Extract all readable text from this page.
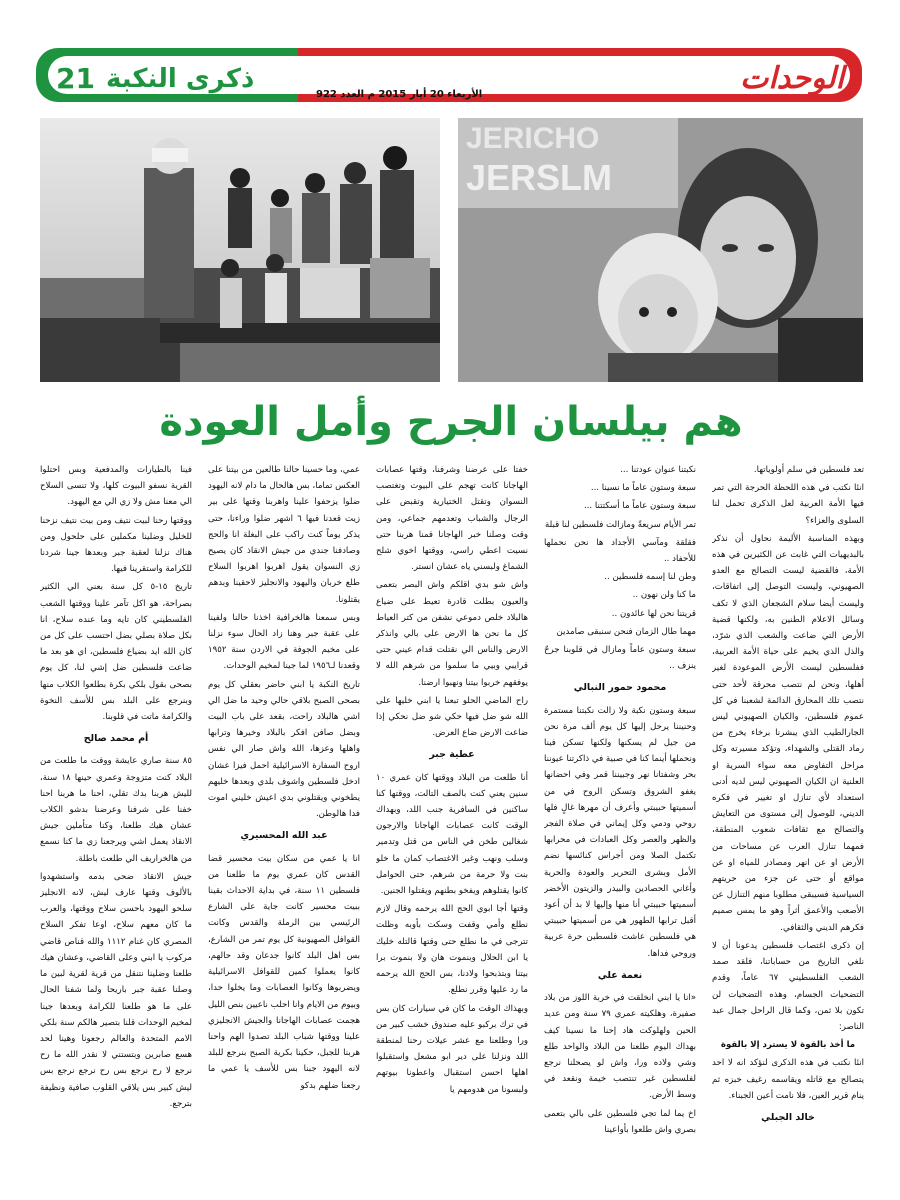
21 ذكرى النكبة
الأربعاء 20 أيار 2015 م العدد 922	الوحدات
JERICHO
JERSLM
هم بيلسان الجرح وأمل العودة

تعد فلسطين في سلم أولوياتها.

انئا نكتب في هذه اللحظة الحرجة التي تمر فيها الأمة العربية لعل الذكرى تحمل لنا السلوى والعزاء؟

وبهذه المناسبة الأليمة نحاول أن نذكر بالبديهيات التي غابت عن الكثيرين في هذه الأمة، فالقضية ليست التصالح مع العدو الصهيوني، وليست التوصل إلى اتفاقات، وليست أيضا سلام الشجعان الذي لا تكف وسائل الاعلام الطنين به، ولكنها قضية الأرض التي ضاعت والشعب الذي شرّد، والذل الذي يخيم على حياة الأمة العربية، ففلسطين ليست الأرض الموعودة لغير أهلها، ونحن لم نتصب محرقة لأحد حتى نتصب تلك المحارق الدائمة لشعبنا في كل عموم فلسطين، والكيان الصهيوني ليس الجارالطيب الذي يبشرنا برخاء يخرج من رماد القتلى والشهداء، وتؤكد مسيرته وكل مراحل التفاوض معه سواء السرية او العلنية ان الكيان الصهيوني ليس لديه أدنى استعداد لأي تنازل او تغيير في فكره الديني، للوصول إلى مستوى من التعايش والتصالح مع ثقافات شعوب المنطقة، فمهما تنازل العرب عن مساحات من الأرض او عن انهر ومصادر للمياه او عن مواقع أو حتى عن جزء من حريتهم السياسية فسيبقى مطلوبا منهم التنازل عن الأصعب والأعمق أثراً وهو ما يمس صميم فكرهم الديني والثقافي.

إن ذكرى اغتصاب فلسطين يدعونا أن لا نلغي التاريخ من حساباتنا، فلقد صمد الشعب الفلسطيني ٦٧ عاماً، وقدم التضحيات الجسام، وهذه التضحيات لن تكون بلا ثمن، وكما قال الراحل جمال عبد الناصر:

ما أخذ بالقوة لا يسترد إلا بالقوة

انئا نكتب في هذه الذكرى لنؤكد انه لا احد يتصالح مع قاتله ويقاسمه رغيف خبزه ثم ينام قرير العين، فلا نامت أعين الجبناء.

خالد الجبلي

نكبتنا عنوان عودتنا ...

سبعة وستون عاماً ما نسينا ...

سبعة وستون عاماً ما أسكتتنا ...

تمر الأيام سريعةً ومازالت فلسطين لنا قبلة

فقلقة ومآسي الأجداد ها نحن نحملها للأحفاد ..

وطن لنا إسمه فلسطين ..

ما كنا ولن نهون ..

قريتنا نحن لها عائدون ..

مهما طال الزمان فنحن سنبقى صامدين

سبعة وستون عاماً ومازال في قلوبنا جرحٌ ينزف ..

محمود حمور النبالي

سبعة وستون نكبة ولا زالت نكبتنا مستمرة وحنيننا يرحل إليها كل يوم ألف مرة نحن من جيل لم يسكنها ولكنها تسكن فينا ونحملها أينما كنا في صبية في ذاكرتنا عيوننا بحر وشفتانا نهر وجبيننا قمر وفي احضانها يغفو الشروق وتسكن الروح في من أسميتها حبيبتي وأعرف أن مهرها غالٍ فلها روحي ودمي وكل إيماني في صلاة الفجر والظهر والعصر وكل العبادات في محرابها تكتمل الصلا ومن أجراس كنائسها نضم الأمل وبشرى التحرير والعودة والحرية وأغاني الحصادين والبيدر والزيتون الأخضر أسميتها حبيبتي أنا منها وإليها لا بد أن أعود أقبل ترابها الطهور هي من أسميتها حبيبتي هي فلسطين عاشت فلسطين حرة عربية وروحي فداها.

نعمة علي

«انا يا ابني انخلقت في خربة اللوز من بلاد صفيرة، وهلكيته عمري ٧٩ سنة ومن عديد الحين ولهلوكت هاد إحنا ما نسينا كيف بهداك اليوم طلعنا من البلاد والواحد طلع وشي ولاده ورا، واش لو يصحلنا نرجع لفلسطين غير تنتصب خيمة ونقعد في وسط الأرض.

اخ يما لما تجي فلسطين على بالي بتعمى بصري واش طلعوا بأواعينا

خفتا على عرضنا وشرفنا، وقتها عصابات الهاجانا كانت تهجم على البيوت وتغتصب النسوان وتقتل الختيارية وتقبض على الرجال والشباب وتعدمهم جماعي، ومن وقت وصلنا خبر الهاجانا قمنا هربنا حتى نسيت اعطي راسي، ووقتها اخوي شلح الشماغ ولبسني ياه عشان انستر.

واش شو بدي اقلكم واش البصر بتعمى والعيون بطلت قادرة تعيط على ضياع هالبلاد خلص دموعي نشفن من كتر العياط كل ما نحن ها الارض على بالي وانذكر الارض والناس الي نقتلت قدام عيني حتى قرايبي وبيي ما سلموا من شرهم الله لا يوفقهم خربوا بيتنا ونهبوا ارضنا.

راح الماضي الحلو تبعنا يا ابني خليها على الله شو ضل فيها حكي شو ضل نحكي إذا ضاعت الارض ضاع العرض.

عطية جبر

أنا طلعت من البلاد ووقتها كان عمري ١٠ سنين يعني كنت بالصف التالت، ووقتها كنا ساكنين في السافرية جنب اللد، وبهداك الوقت كانت عصابات الهاجانا والارجون شغالين طخن في الناس من قتل وتدمير وسلب ونهب وغير الاغتصاب كمان ما خلو بنت ولا حرمة من شرهم، حتى الحوامل كانوا يقتلوهم ويفخو بطنهم ويقتلوا الجنين.

وقتها أجا ابوي الحج الله يرحمه وقال لازم نطلع وأمي وقفت وسكت بأوبه وظلت تترجى في ما نطلع حتى وقتها قالتله خليك يا ابن الحلال وبنموت هان ولا بنموت برا بيتنا وبتذبحوا ولادنا، بس الحج الله يرحمه ما رد عليها وقرر نطلع.

وبهذاك الوقت ما كان في سيارات كان بس في ترك بركبو عليه صندوق خشب كبير من ورا وطلعنا مع عشر عيلات رحنا لمنطقة اللد ونزلنا على دير ابو مشعل واستقبلوا اهلها احسن استقبال واعطونا بيوتهم ولبسونا من هدومهم يا

عمي، وما حسينا حالنا طالعين من بيتنا على العكس تماما، بس هالحال ما دام لانه اليهود ضلوا يزحفوا علينا واهربنا وقتها على بير زيت قعدنا فيها ٦ اشهر ضلوا وراءنا، حتى يذكر يوماً كنت راكب على البغلة انا والحج وصادفنا جندي من جيش الانقاذ كان يصيح زي النسوان يقول اهربوا اهربوا السلاح طلع خربان واليهود والانجليز لاحقينا وبدهم يقتلونا.

وبس سمعنا هالخرافية اخذنا حالنا ولفينا على عقبة جبر وهنا زاد الحال سوء نزلنا على مخيم الجوفة في الاردن سنة ١٩٥٢ وقعدنا لـ١٩٥٦ لما جينا لمخيم الوحدات.

تاريخ النكبة يا ابني حاضر بعقلي كل يوم بصحى الصبح بلاقي حالي وحيد ما ضل الي اشي هالبلاد راحت، بقعد على باب البيت وبضل صافن افكر بالبلاد وخيرها وترابها واهلها وعزها، الله واش صار الي نفس اروح السفارة الاسرائيلية احمل فيزا عشان ادخل فلسطين واشوف بلدي وبعدها خليهم يطخوني ويقتلوني بدي اعيش خليني اموت فدا هالوطن.

عبد الله المحسيري

انا يا عمي من سكان بيت محسير قضا القدس كان عمري يوم ما طلعنا من فلسطين ١١ سنة، في بداية الاحداث بقينا ببيت محسير كانت جاية على الشارع الرئيسي بين الرملة والقدس وكانت القوافل الصهيونية كل يوم تمر من الشارع، بس اهل البلد كانوا جدعان وقد حالهم، كانوا يعملوا كمين للقوافل الاسرائيلية ويضربوها وكانوا العصابات وما يخلوا حدا، وبيوم من الايام وانا احلب ناعيين بنص الليل هجمت عصابات الهاجانا والجيش الانجليزي علينا ووقتها شباب البلد تصدوا الهم واحنا هربنا للجبل، حكينا بكرية الصبح بنرجع للبلد لانه اليهود جبنا بس للأسف يا عمي ما رجعنا ضلهم بدكو

فينا بالطيارات والمدفعية وبس احتلوا القرية نسفو البيوت كلها، ولا تنسى السلاح الي معنا مش ولا زي الي مع اليهود.

ووقتها رحنا لبيت نتيف ومن بيت نتيف نزحنا للخليل وضلينا مكملين على حلحول ومن هناك نزلنا لعقبة جبر وبعدها جينا شردنا للكرامة واستقرينا فيها.

تاريخ ١٥-٥ كل سنة بعني الي الكثير بصراحة، هو اكل تآمر علينا ووقتها الشعب الفلسطيني كان تايه وما عنده سلاح، انا بكل صلاة بصلي بضل احتسب على كل من كان الله ايد بضياع فلسطين، اي هو بعد ما ضاعت فلسطين ضل إشي لنا، كل يوم بصحى بقول بلكي بكرة بطلعوا الكلاب منها وبنرجع على البلد بس للأسف النخوة والكرامة ماتت في قلوبنا.

أم محمد صالح

٨٥ سنة صاري عايشة ووقت ما طلعت من البلاد كنت متزوجة وعمري حينها ١٨ سنة، لليش هربنا بدك تقلي، احنا ما هربنا احنا خفنا على شرفنا وعرضنا بدشو الكلاب عشان هيك طلعنا، وكنا متأملين جيش الانقاذ يعمل اشي ويرجعنا زي ما كنا نسمع من هالخراريف الي طلعت باطلة.

جيش الانقاذ ضحى بدمه واستشهدوا بالألوف وقتها عارف ليش، لانه الانجليز سلحو اليهود باحسن سلاح ووقتها، والعرب ما كان معهم سلاح، اوعا تفكر السلاح المصري كان غنام ١١١٢ والله قناص قاضي مركوب يا ابني وعلى القاضي، وعشان هيك طلعنا وضلينا نتنقل من قرية لقرية لبين ما وصلنا عقبة جبر باريحا ولما شفنا الحال على ما هو طلعنا للكرامة وبعدها جينا لمخيم الوحدات قلنا بتصير هالكم سنة بلكي الامم المتحدة والعالم رجعونا وهينا لحد هسع صابرين وبتستني لا نقدر الله ما رح نرجع لا رح نرجع بس رح نرجع نرجع بس ليش كبير بس يلاقي القلوب صافية ونظيفة بترجع.
